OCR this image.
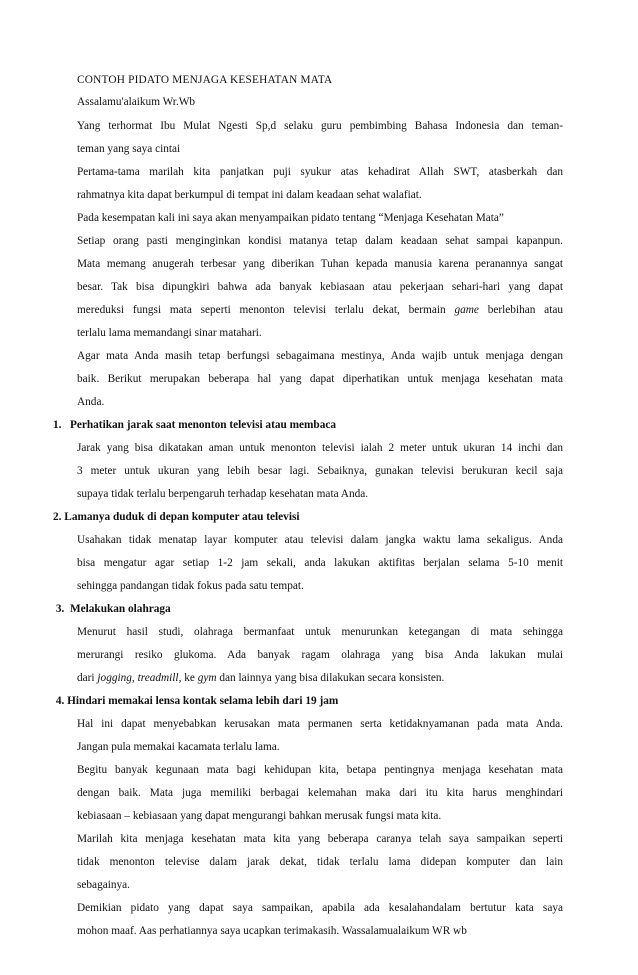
CONTOH PIDATO MENJAGA KESEHATAN MATA
Assalamu'alaikum Wr.Wb
Yang terhormat Ibu Mulat Ngesti Sp,d selaku guru pembimbing Bahasa Indonesia dan teman-
teman yang saya cintai
Pertama-tama marilah kita panjatkan puji syukur atas kehadirat Allah SWT, atasberkah dan
rahmatnya kita dapat berkumpul di tempat ini dalam keadaan sehat walafiat.
Pada kesempatan kali ini saya akan menyampaikan pidato tentang “Menjaga Kesehatan Mata”
Setiap orang pasti menginginkan kondisi matanya tetap dalam keadaan sehat sampai kapanpun.
Mata memang anugerah terbesar yang diberikan Tuhan kepada manusia karena peranannya sangat
besar. Tak bisa dipungkiri bahwa ada banyak kebiasaan atau pekerjaan sehari-hari yang dapat
mereduksi fungsi mata seperti menonton televisi terlalu dekat, bermain game berlebihan atau
terlalu lama memandangi sinar matahari.
Agar mata Anda masih tetap berfungsi sebagaimana mestinya, Anda wajib untuk menjaga dengan
baik. Berikut merupakan beberapa hal yang dapat diperhatikan untuk menjaga kesehatan mata
Anda.
1.   Perhatikan jarak saat menonton televisi atau membaca
Jarak yang bisa dikatakan aman untuk menonton televisi ialah 2 meter untuk ukuran 14 inchi dan
3 meter untuk ukuran yang lebih besar lagi. Sebaiknya, gunakan televisi berukuran kecil saja
supaya tidak terlalu berpengaruh terhadap kesehatan mata Anda.
2. Lamanya duduk di depan komputer atau televisi
Usahakan tidak menatap layar komputer atau televisi dalam jangka waktu lama sekaligus. Anda
bisa mengatur agar setiap 1-2 jam sekali, anda lakukan aktifitas berjalan selama 5-10 menit
sehingga pandangan tidak fokus pada satu tempat.
3.  Melakukan olahraga
Menurut hasil studi, olahraga bermanfaat untuk menurunkan ketegangan di mata sehingga
merurangi resiko glukoma. Ada banyak ragam olahraga yang bisa Anda lakukan mulai
dari jogging, treadmill, ke gym dan lainnya yang bisa dilakukan secara konsisten.
4. Hindari memakai lensa kontak selama lebih dari 19 jam
Hal ini dapat menyebabkan kerusakan mata permanen serta ketidaknyamanan pada mata Anda.
Jangan pula memakai kacamata terlalu lama.
Begitu banyak kegunaan mata bagi kehidupan kita, betapa pentingnya menjaga kesehatan mata
dengan baik. Mata juga memiliki berbagai kelemahan maka dari itu kita harus menghindari
kebiasaan – kebiasaan yang dapat mengurangi bahkan merusak fungsi mata kita.
Marilah kita menjaga kesehatan mata kita yang beberapa caranya telah saya sampaikan seperti
tidak menonton televise dalam jarak dekat, tidak terlalu lama didepan komputer dan lain
sebagainya.
Demikian pidato yang dapat saya sampaikan, apabila ada kesalahandalam bertutur kata saya
mohon maaf. Aas perhatiannya saya ucapkan terimakasih. Wassalamualaikum WR wb
